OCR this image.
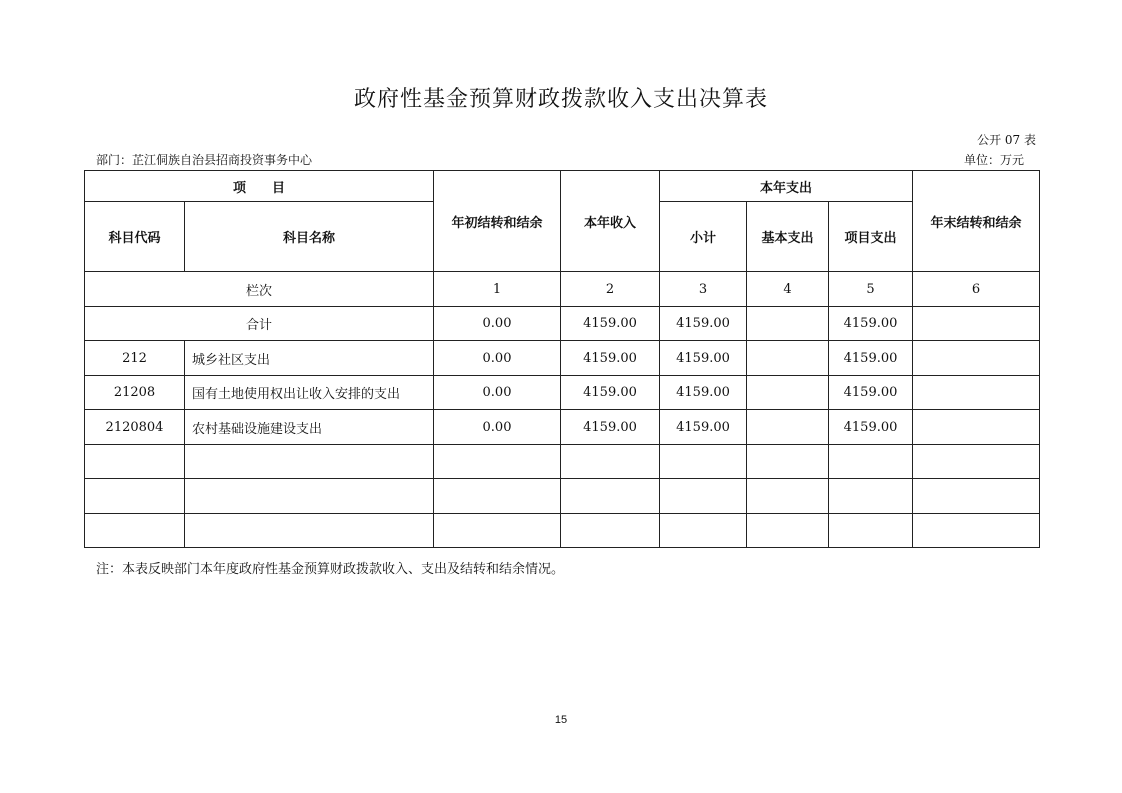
政府性基金预算财政拨款收入支出决算表
公开 07 表
部门：芷江侗族自治县招商投资事务中心	单位：万元
项　　目		年初结转和结余	本年收入	本年支出			年末结转和结余
科目代码	科目名称			小计	基本支出	项目支出	
栏次		1	2	3	4	5	6
合计		0.00	4159.00	4159.00		4159.00	
212	城乡社区支出	0.00	4159.00	4159.00		4159.00	
21208	国有土地使用权出让收入安排的支出	0.00	4159.00	4159.00		4159.00	
2120804	农村基础设施建设支出	0.00	4159.00	4159.00		4159.00	

注：本表反映部门本年度政府性基金预算财政拨款收入、支出及结转和结余情况。
15
